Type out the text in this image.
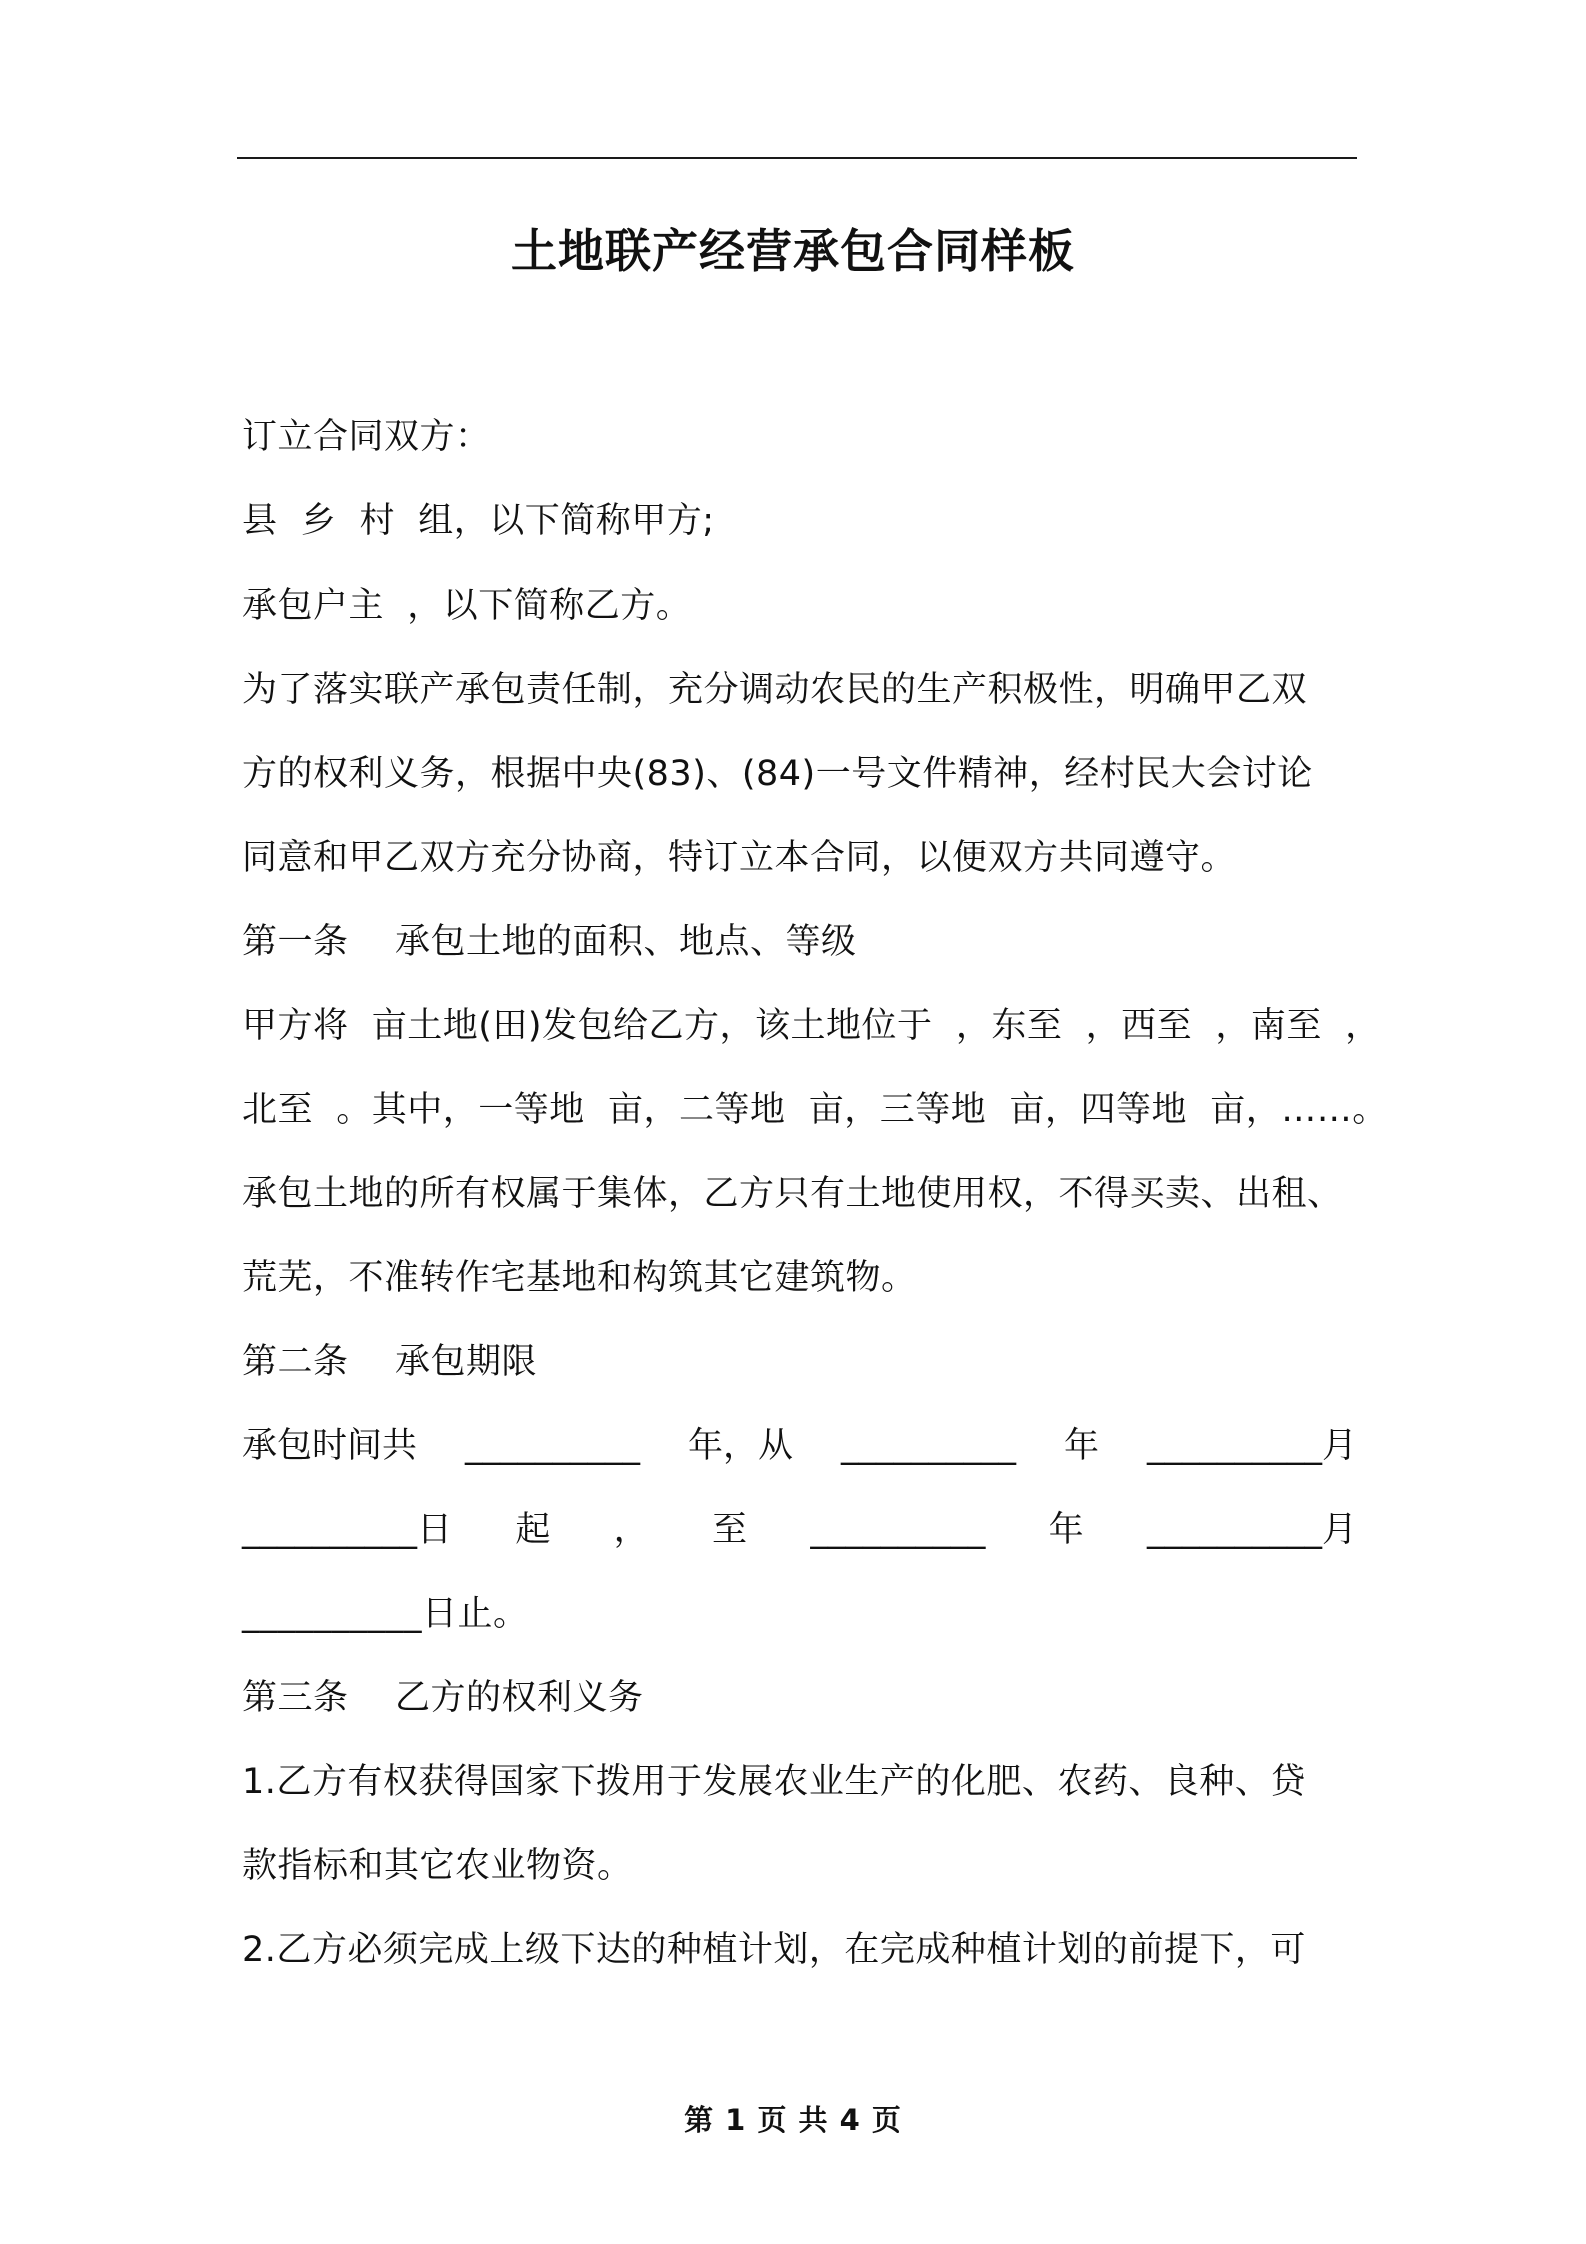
土地联产经营承包合同样板
订立合同双方：
县  乡  村  组，以下简称甲方;
承包户主  ，以下简称乙方。
为了落实联产承包责任制，充分调动农民的生产积极性，明确甲乙双
方的权利义务，根据中央(83)、(84)一号文件精神，经村民大会讨论
同意和甲乙双方充分协商，特订立本合同，以便双方共同遵守。
第一条    承包土地的面积、地点、等级
甲方将  亩土地(田)发包给乙方，该土地位于  ，东至  ，西至  ，南至  ，
北至  。其中，一等地  亩，二等地  亩，三等地  亩，四等地  亩，……。
承包土地的所有权属于集体，乙方只有土地使用权，不得买卖、出租、
荒芜，不准转作宅基地和构筑其它建筑物。
第二条    承包期限
承包时间共 __________ 年，从 __________ 年 __________月
__________日 起 ， 至 __________ 年 __________月
__________日止。
第三条    乙方的权利义务
1.乙方有权获得国家下拨用于发展农业生产的化肥、农药、良种、贷
款指标和其它农业物资。
2.乙方必须完成上级下达的种植计划，在完成种植计划的前提下，可
第 1 页 共 4 页
